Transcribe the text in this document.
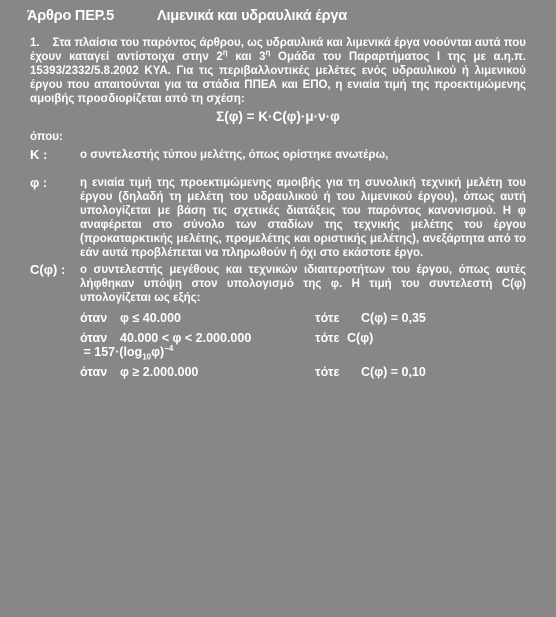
Άρθρο ΠΕΡ.5	Λιμενικά και υδραυλικά έργα

1.    Στα πλαίσια του παρόντος άρθρου, ως υδραυλικά και λιμενικά έργα νοούνται αυτά που έχουν καταγεί αντίστοιχα στην $2^\eta$ και $3^\eta$ Ομάδα του Παραρτήματος Ι της με α.η.π. 15393/2332/5.8.2002 ΚΥΑ. Για τις περιβαλλοντικές μελέτες ενός υδραυλικού ή λιμενικού έργου που απαιτούνται για τα στάδια ΠΠΕΑ και ΕΠΟ, η ενιαία τιμή της προεκτιμώμενης αμοιβής προσδιορίζεται από τη σχέση:

Σ(φ) = Κ·C(φ)·μ·ν·φ
όπου:
Κ :	ο συντελεστής τύπου μελέτης, όπως ορίστηκε ανωτέρω,
φ :	η ενιαία τιμή της προεκτιμώμενης αμοιβής για τη συνολική τεχνική μελέτη του έργου (δηλαδή τη μελέτη του υδραυλικού ή του λιμενικού έργου), όπως αυτή υπολογίζεται με βάση τις σχετικές διατάξεις του παρόντος κανονισμού. Η φ αναφέρεται στο σύνολο των σταδίων της τεχνικής μελέτης του έργου (προκαταρκτικής μελέτης, προμελέτης και οριστικής μελέτης), ανεξάρτητα από το εάν αυτά προβλέπεται να πληρωθούν ή όχι στο εκάστοτε έργο.
C(φ) :	ο συντελεστής μεγέθους και τεχνικών ιδιαιτεροτήτων του έργου, όπως αυτές λήφθηκαν υπόψη στον υπολογισμό της φ. Η τιμή του συντελεστή C(φ) υπολογίζεται ως εξής:
όταν	φ ≤ 40.000	τότε	C(φ) = 0,35
όταν	40.000 < φ < 2.000.000	τότε C(φ)
= $157\cdot(\log_{10}\varphi)^{-4}$
όταν	φ ≥ 2.000.000	τότε	C(φ) = 0,10
